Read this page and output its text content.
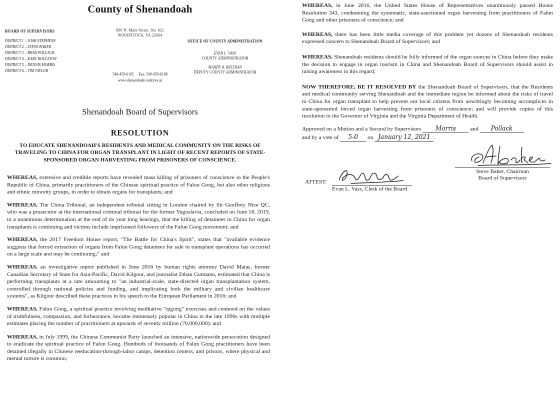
County of Shenandoah
600 N. Main Street, Ste 102
WOODSTOCK, VA 22664
BOARD OF SUPERVISORS
DISTRICT 1 – JOSH STEPHENS
DISTRICT 2 – STEVE BAKER
DISTRICT 3 – BRAD POLLACK
DISTRICT 4 – KARL ROULSTON
DISTRICT 5 – DENNIS MORRIS
DISTRICT 6 – TIM TAYLOR
OFFICE OF COUNTY ADMINISTRATION
EVAN L. VASS
COUNTY ADMINISTRATOR
MANDY R. BELTRAN
DEPUTY COUNTY ADMINISTRATOR
540-459-6165 Fax: 540-459-6168
www.shenandoahcountyva.us
Shenandoah Board of Supervisors
RESOLUTION
TO EDUCATE SHENANDOAH'S RESIDENTS AND MEDICAL COMMUNITY ON THE RISKS OF TRAVELING TO CHINA FOR ORGAN TRANSPLANT IN LIGHT OF RECENT REPORTS OF STATE-SPONSORED ORGAN HARVESTING FROM PRISONERS OF CONSCIENCE.

WHEREAS, extensive and credible reports have revealed mass killing of prisoners of conscience in the People's Republic of China, primarily practitioners of the Chinese spiritual practice of Falun Gong, but also other religious and ethnic minority groups, in order to obtain organs for transplants; and

WHEREAS, The China Tribunal, an independent tribunal sitting in London chaired by Sir Geoffrey Nice QC, who was a prosecutor at the international criminal tribunal for the former Yugoslavia, concluded on June 18, 2019, in a unanimous determination at the end of its year long hearings, that the killing of detainees in China for organ transplants is continuing and victims include imprisoned followers of the Falun Gong movement; and

WHEREAS, the 2017 Freedom House report, "The Battle for China's Spirit", states that "available evidence suggests that forced extraction of organs from Falun Gong detainees for sale in transplant operations has occurred on a large scale and may be continuing;" and

WHEREAS, an investigative report published in June 2016 by human rights attorney David Matas, former Canadian Secretary of State for Asia-Pacific, David Kilgour, and journalist Ethan Gutmann, estimated that China is performing transplants at a rate amounting to "an industrial-scale, state-directed organ transplantation system, controlled through national policies and funding, and implicating both the military and civilian healthcare systems", as Kilgour described these practices in his speech to the European Parliament in 2016; and

WHEREAS, Falun Gong, a spiritual practice involving meditative "qigong" exercises and centered on the values of truthfulness, compassion, and forbearance, became immensely popular in China in the late 1990s with multiple estimates placing the number of practitioners at upwards of seventy million (70,000,000); and

WHEREAS, in July 1999, the Chinese Communist Party launched an intensive, nationwide persecution designed to eradicate the spiritual practice of Falun Gong. Hundreds of thousands of Falun Gong practitioners have been detained illegally in Chinese reeducation-through-labor camps, detention centers, and prisons, where physical and mental torture is common;

WHEREAS, in June 2016, the United States House of Representatives unanimously passed House Resolution 343, condemning the systematic, state-sanctioned organ harvesting from practitioners of Falun Gong and other prisoners of conscience; and

WHEREAS, there has been little media coverage of this problem yet dozens of Shenandoah residents expressed concern to Shenandoah Board of Supervisors; and

WHEREAS, Shenandoah residents should be fully informed of the organ sources in China before they make the decision to engage in organ tourism in China and Shenandoah Board of Supervisors should assist in raising awareness in this regard;

NOW THEREFORE, BE IT RESOLVED BY the Shenandoah Board of Supervisors, that the Residents and medical community serving Shenandoah and the immediate region be informed about the risks of travel to China for organ transplant to help prevent our local citizens from unwittingly becoming accomplices in state-sponsored forced organ harvesting from prisoners of conscience; and will provide copies of this resolution to the Governor of Virginia and the Virginia Department of Health.

Approved on a Motion and a Second by Supervisors Morris and Pollack
and by a vote of 5-0 on January 12, 2021 .

Steve Baker, Chairman
Board of Supervisors
ATTEST:
Evan L. Vass, Clerk of the Board
